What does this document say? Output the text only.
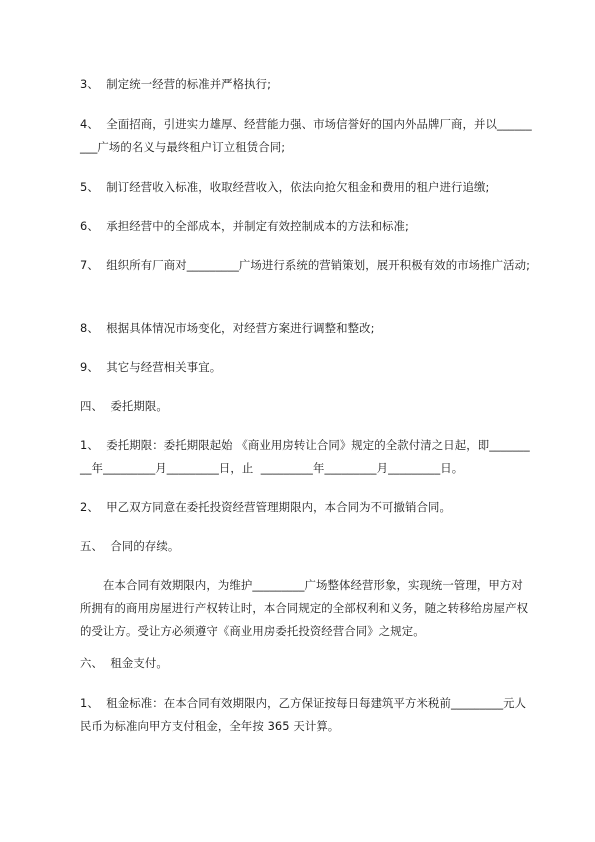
3、  制定统一经营的标准并严格执行;
4、  全面招商，引进实力雄厚、经营能力强、市场信誉好的国内外品牌厂商，并以_________广场的名义与最终租户订立租赁合同;
5、  制订经营收入标准，收取经营收入，依法向抢欠租金和费用的租户进行追缴;
6、  承担经营中的全部成本，并制定有效控制成本的方法和标准;
7、  组织所有厂商对_________广场进行系统的营销策划，展开积极有效的市场推广活动;
8、  根据具体情况市场变化，对经营方案进行调整和整改;
9、  其它与经营相关事宜。
四、  委托期限。
1、  委托期限：委托期限起始 《商业用房转让合同》规定的全款付清之日起，即_________年_________月_________日，止  _________年_________月_________日。
2、  甲乙双方同意在委托投资经营管理期限内，本合同为不可撤销合同。
五、  合同的存续。
在本合同有效期限内，为维护_________广场整体经营形象，实现统一管理，甲方对所拥有的商用房屋进行产权转让时，本合同规定的全部权利和义务，随之转移给房屋产权的受让方。受让方必须遵守《商业用房委托投资经营合同》之规定。
六、  租金支付。
1、  租金标准：在本合同有效期限内，乙方保证按每日每建筑平方米税前_________元人民币为标准向甲方支付租金，全年按 365 天计算。
